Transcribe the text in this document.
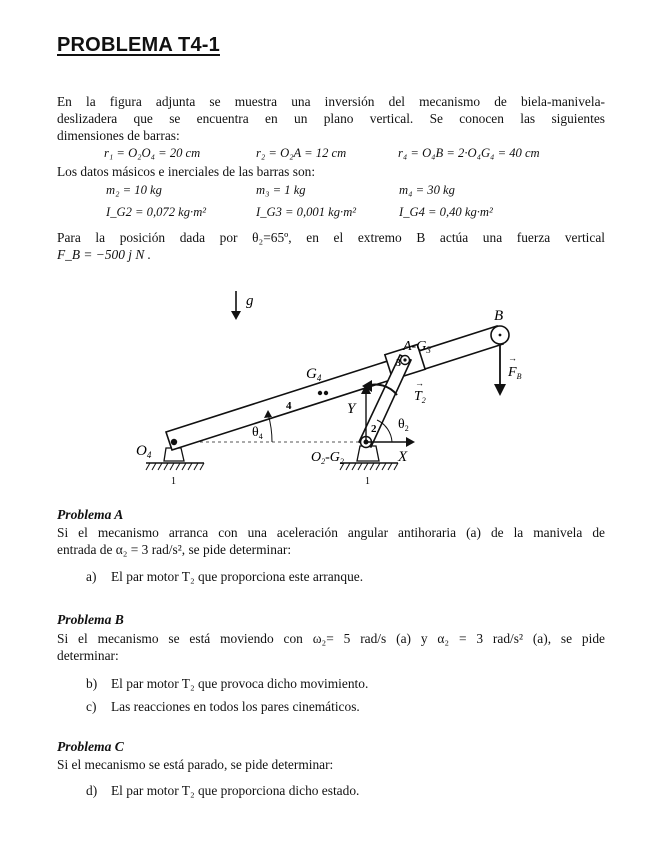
PROBLEMA T4-1
En la figura adjunta se muestra una inversión del mecanismo de biela-manivela-
deslizadera que se encuentra en un plano vertical. Se conocen las siguientes
dimensiones de barras:
r₁ = O₂O₄ = 20 cm	r₂ = O₂A = 12 cm	r₄ = O₄B = 2·O₄G₄ = 40 cm
Los datos másicos e inerciales de las barras son:
m₂ = 10 kg	m₃ = 1 kg	m₄ = 30 kg
I_G2 = 0,072 kg·m²	I_G3 = 0,001 kg·m²	I_G4 = 0,40 kg·m²
Para la posición dada por θ₂=65º, en el extremo B actúa una fuerza vertical
F_B = −500 j N .
g
1	1
B
$A-G_3$
$G_4$	$F_B$
→
$T_2$
→
Y
X
$\theta_4$
$\theta_2$
$O_4$	$O_2-G_2$
4
2
3
Problema A
Si el mecanismo arranca con una aceleración angular antihoraria (a) de la manivela de
entrada de α₂ = 3 rad/s², se pide determinar:
a) El par motor T₂ que proporciona este arranque.
Problema B
Si el mecanismo se está moviendo con ω₂= 5 rad/s (a) y α₂ = 3 rad/s² (a), se pide
determinar:
b) El par motor T₂ que provoca dicho movimiento.
c) Las reacciones en todos los pares cinemáticos.
Problema C
Si el mecanismo se está parado, se pide determinar:
d) El par motor T₂ que proporciona dicho estado.
